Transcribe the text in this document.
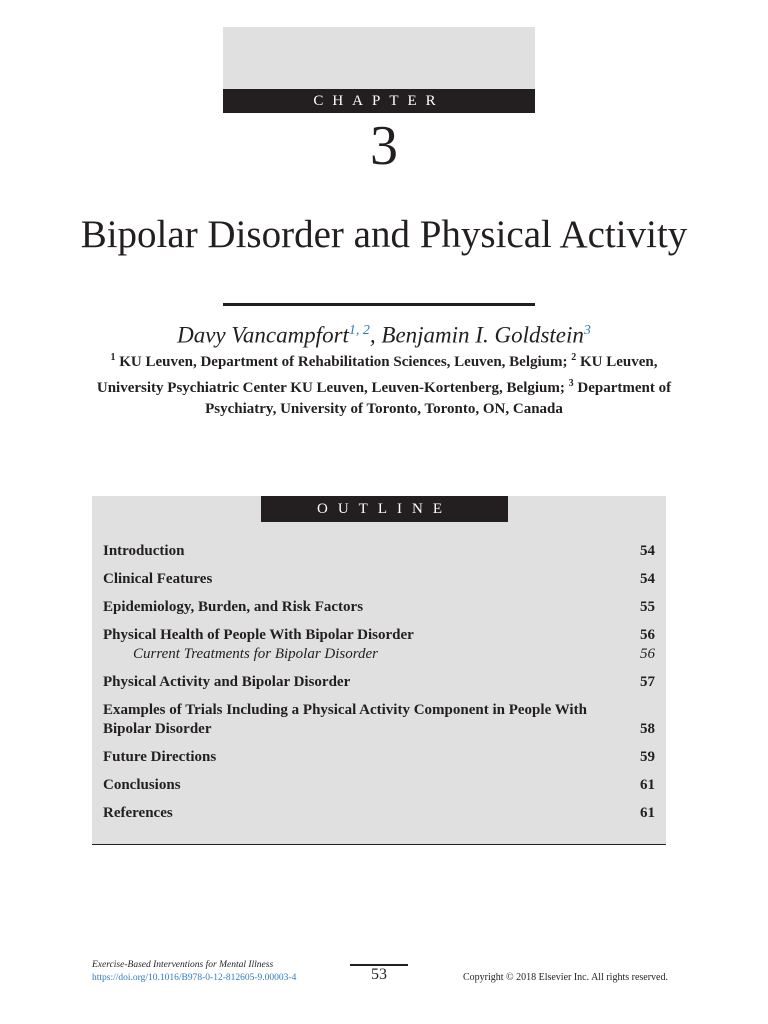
CHAPTER
3
Bipolar Disorder and Physical Activity
Davy Vancampfort$^{1, 2}$, Benjamin I. Goldstein$^3$
$^1$ KU Leuven, Department of Rehabilitation Sciences, Leuven, Belgium; $^2$ KU Leuven, University Psychiatric Center KU Leuven, Leuven-Kortenberg, Belgium; $^3$ Department of Psychiatry, University of Toronto, Toronto, ON, Canada
OUTLINE
Introduction	54
Clinical Features	54
Epidemiology, Burden, and Risk Factors	55
Physical Health of People With Bipolar Disorder	56
Current Treatments for Bipolar Disorder	56
Physical Activity and Bipolar Disorder	57
Examples of Trials Including a Physical Activity Component in People With Bipolar Disorder	58
Future Directions	59
Conclusions	61
References	61
Exercise-Based Interventions for Mental Illness
https://doi.org/10.1016/B978-0-12-812605-9.00003-4	53	Copyright © 2018 Elsevier Inc. All rights reserved.
